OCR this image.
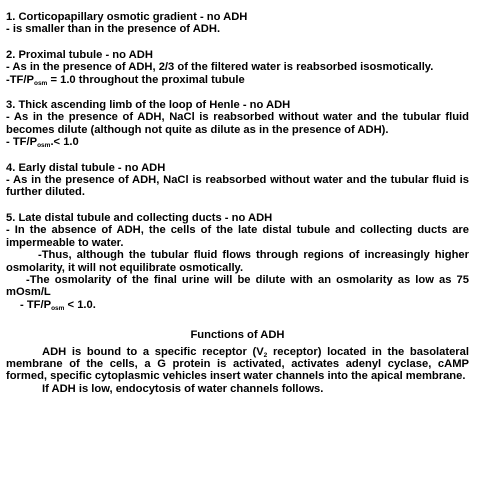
1. Corticopapillary osmotic gradient - no ADH
- is smaller than in the presence of ADH.
2. Proximal tubule - no ADH
- As in the presence of ADH, 2/3 of the filtered water is reabsorbed isosmotically.
$-TF/P_{osm} = 1.0$ throughout the proximal tubule
3. Thick ascending limb of the loop of Henle - no ADH
- As in the presence of ADH, NaCl is reabsorbed without water and the tubular fluid becomes dilute (although not quite as dilute as in the presence of ADH).
- $TF/P_{osm}.< 1.0$
4. Early distal tubule - no ADH
- As in the presence of ADH, NaCl is reabsorbed without water and the tubular fluid is further diluted.
5. Late distal tubule and collecting ducts - no ADH
- In the absence of ADH, the cells of the late distal tubule and collecting ducts are impermeable to water.
-Thus, although the tubular fluid flows through regions of increasingly higher osmolarity, it will not equilibrate osmotically.
-The osmolarity of the final urine will be dilute with an osmolarity as low as 75 mOsm/L
- $TF/P_{osm} < 1.0$.
Functions of ADH
ADH is bound to a specific receptor ($V_2$ receptor) located in the basolateral membrane of the cells, a G protein is activated, activates adenyl cyclase, cAMP formed, specific cytoplasmic vehicles insert water channels into the apical membrane.
If ADH is low, endocytosis of water channels follows.
